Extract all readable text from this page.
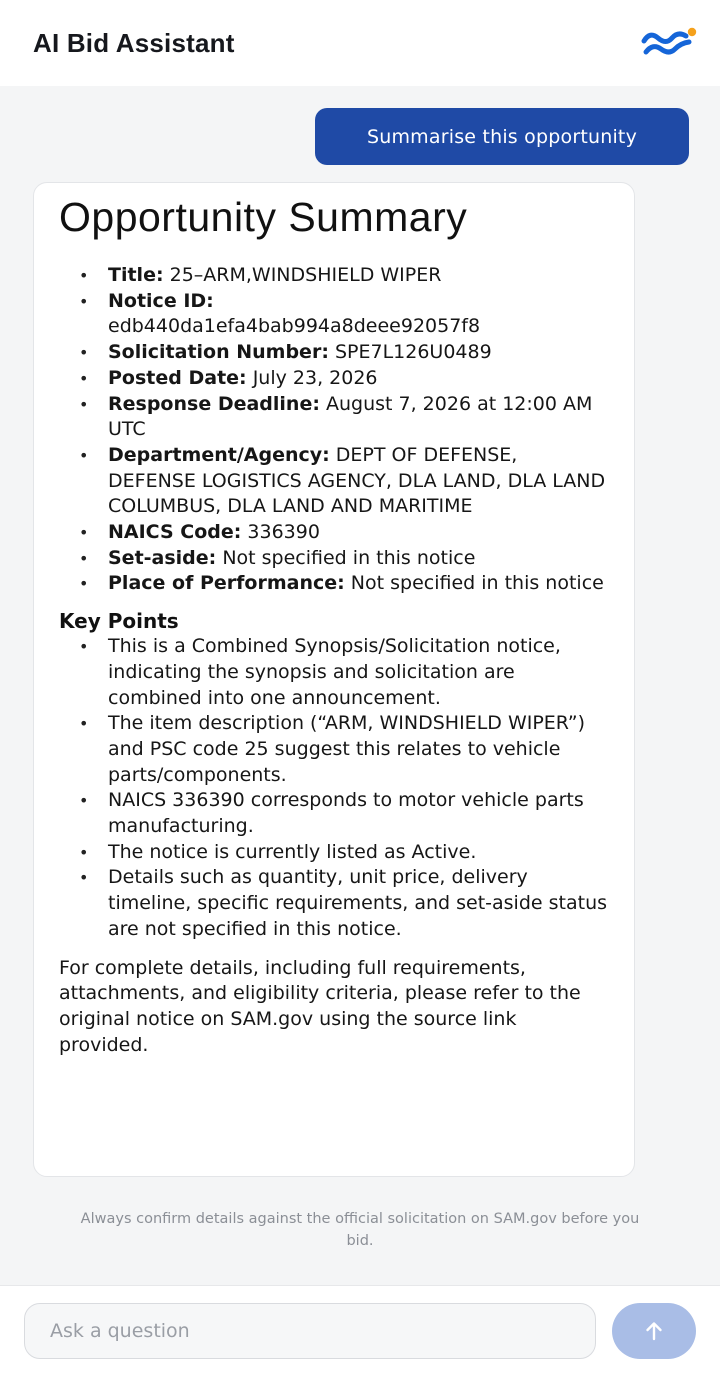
AI Bid Assistant
Summarise this opportunity
Opportunity Summary
• Title: 25–ARM,WINDSHIELD WIPER
• Notice ID:
edb440da1efa4bab994a8deee92057f8
• Solicitation Number: SPE7L126U0489
• Posted Date: July 23, 2026
• Response Deadline: August 7, 2026 at 12:00 AM UTC
• Department/Agency: DEPT OF DEFENSE, DEFENSE LOGISTICS AGENCY, DLA LAND, DLA LAND COLUMBUS, DLA LAND AND MARITIME
• NAICS Code: 336390
• Set-aside: Not specified in this notice
• Place of Performance: Not specified in this notice
Key Points
• This is a Combined Synopsis/Solicitation notice, indicating the synopsis and solicitation are combined into one announcement.
• The item description (“ARM, WINDSHIELD WIPER”) and PSC code 25 suggest this relates to vehicle parts/components.
• NAICS 336390 corresponds to motor vehicle parts manufacturing.
• The notice is currently listed as Active.
• Details such as quantity, unit price, delivery timeline, specific requirements, and set-aside status are not specified in this notice.

For complete details, including full requirements, attachments, and eligibility criteria, please refer to the original notice on SAM.gov using the source link provided.

Always confirm details against the official solicitation on SAM.gov before you bid.

Ask a question
